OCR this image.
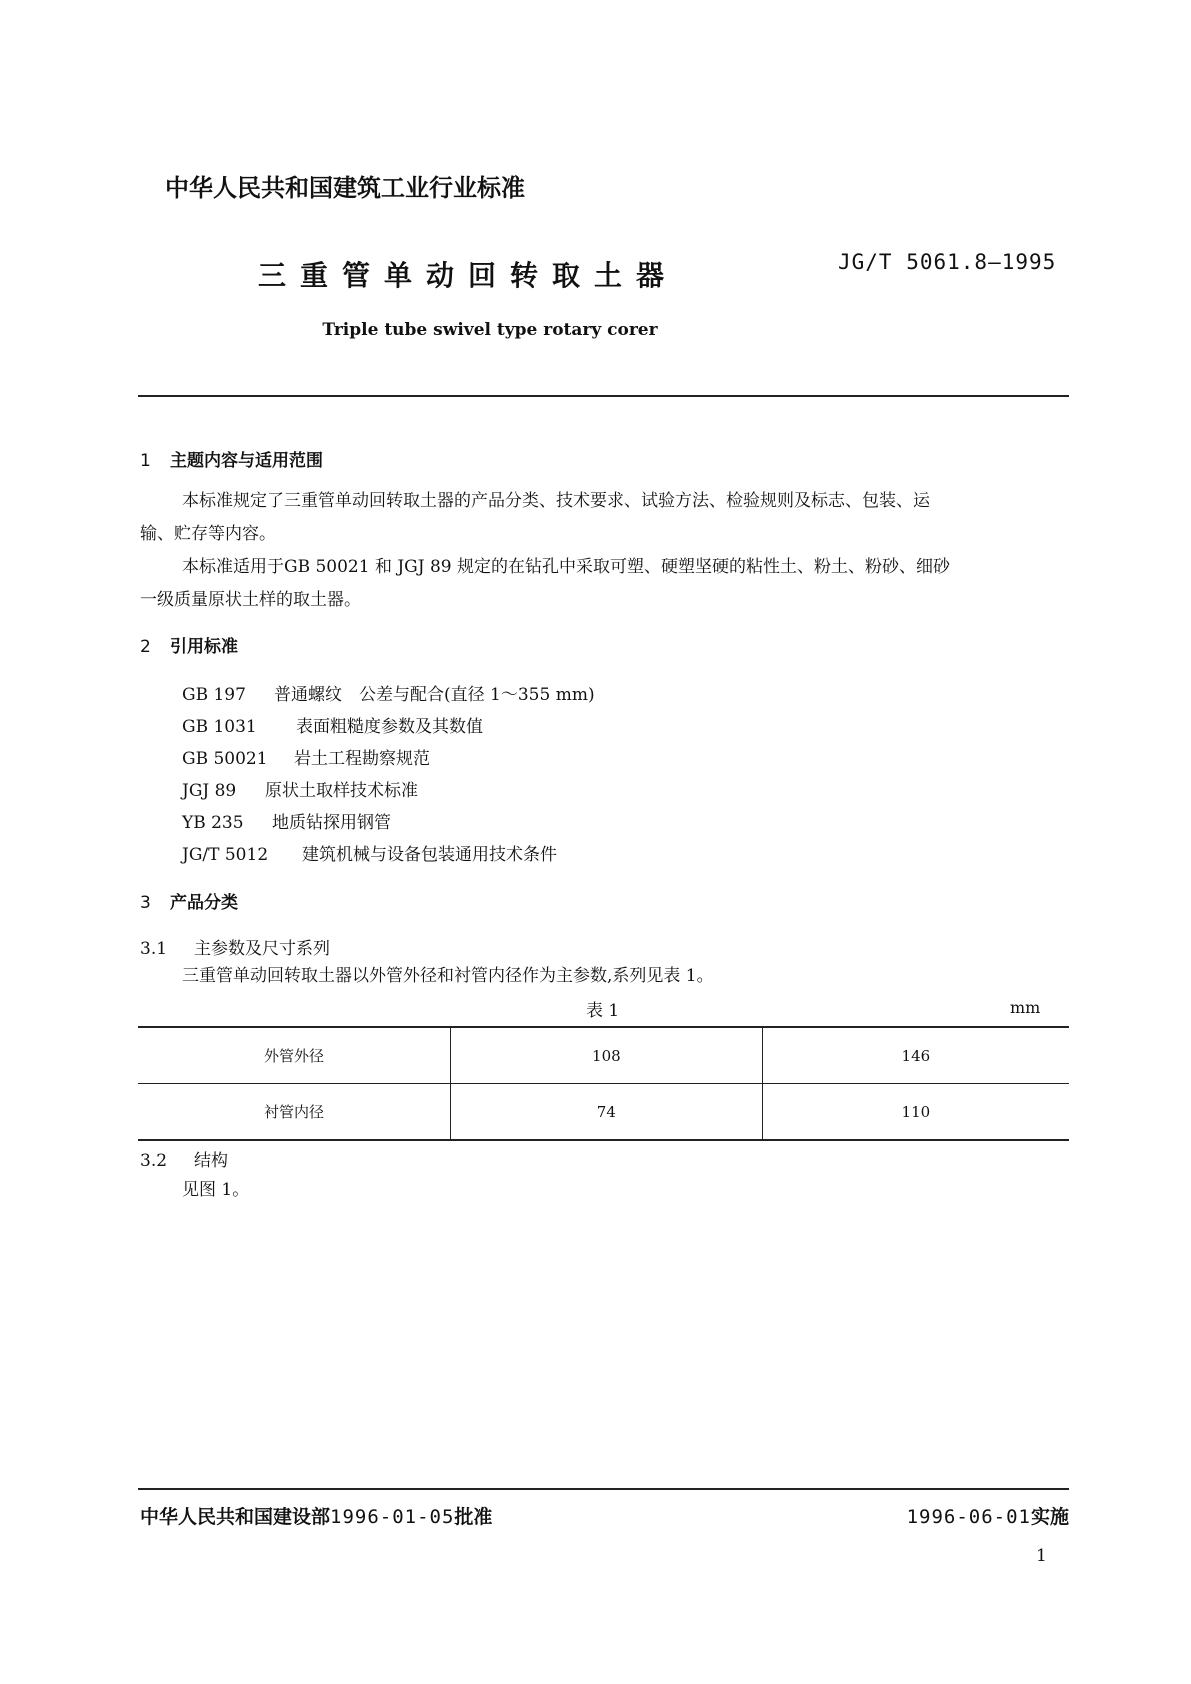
中华人民共和国建筑工业行业标准
三重管单动回转取土器	JG/T 5061.8—1995
Triple tube swivel type rotary corer
1 主题内容与适用范围
本标准规定了三重管单动回转取土器的产品分类、技术要求、试验方法、检验规则及标志、包装、运
输、贮存等内容。
本标准适用于GB 50021 和 JGJ 89 规定的在钻孔中采取可塑、硬塑坚硬的粘性土、粉土、粉砂、细砂
一级质量原状土样的取土器。
2 引用标准
GB 197 普通螺纹　公差与配合(直径 1～355 mm)
GB 1031 表面粗糙度参数及其数值
GB 50021 岩土工程勘察规范
JGJ 89 原状土取样技术标准
YB 235 地质钻探用钢管
JG/T 5012 建筑机械与设备包装通用技术条件
3 产品分类
3.1 主参数及尺寸系列
三重管单动回转取土器以外管外径和衬管内径作为主参数,系列见表 1。
表 1	mm
外管外径	108	146
衬管内径	74	110
3.2 结构
见图 1。
中华人民共和国建设部1996-01-05批准	1996-06-01实施
1
